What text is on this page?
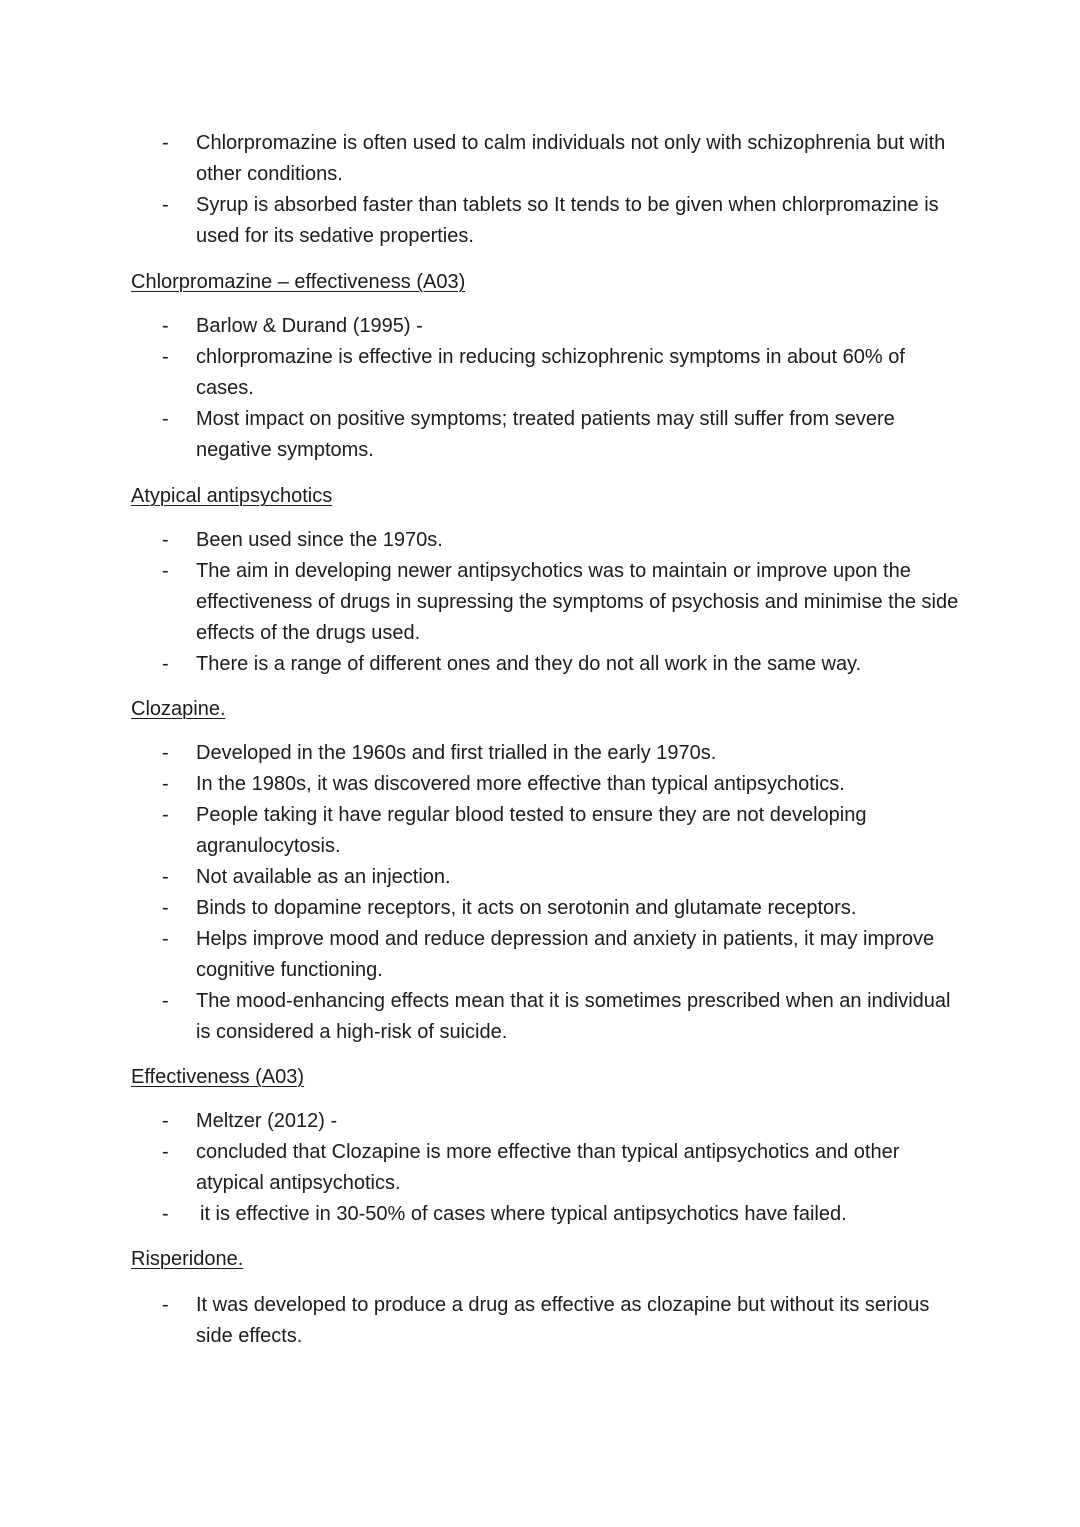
-	Chlorpromazine is often used to calm individuals not only with schizophrenia but with other conditions.
-	Syrup is absorbed faster than tablets so It tends to be given when chlorpromazine is used for its sedative properties.
Chlorpromazine – effectiveness (A03)
-	Barlow & Durand (1995) -
-	chlorpromazine is effective in reducing schizophrenic symptoms in about 60% of cases.
-	Most impact on positive symptoms; treated patients may still suffer from severe negative symptoms.
Atypical antipsychotics
-	Been used since the 1970s.
-	The aim in developing newer antipsychotics was to maintain or improve upon the effectiveness of drugs in supressing the symptoms of psychosis and minimise the side effects of the drugs used.
-	There is a range of different ones and they do not all work in the same way.
Clozapine.
-	Developed in the 1960s and first trialled in the early 1970s.
-	In the 1980s, it was discovered more effective than typical antipsychotics.
-	People taking it have regular blood tested to ensure they are not developing agranulocytosis.
-	Not available as an injection.
-	Binds to dopamine receptors, it acts on serotonin and glutamate receptors.
-	Helps improve mood and reduce depression and anxiety in patients, it may improve cognitive functioning.
-	The mood-enhancing effects mean that it is sometimes prescribed when an individual is considered a high-risk of suicide.
Effectiveness (A03)
-	Meltzer (2012) -
-	concluded that Clozapine is more effective than typical antipsychotics and other atypical antipsychotics.
-	it is effective in 30-50% of cases where typical antipsychotics have failed.
Risperidone.
-	It was developed to produce a drug as effective as clozapine but without its serious side effects.
